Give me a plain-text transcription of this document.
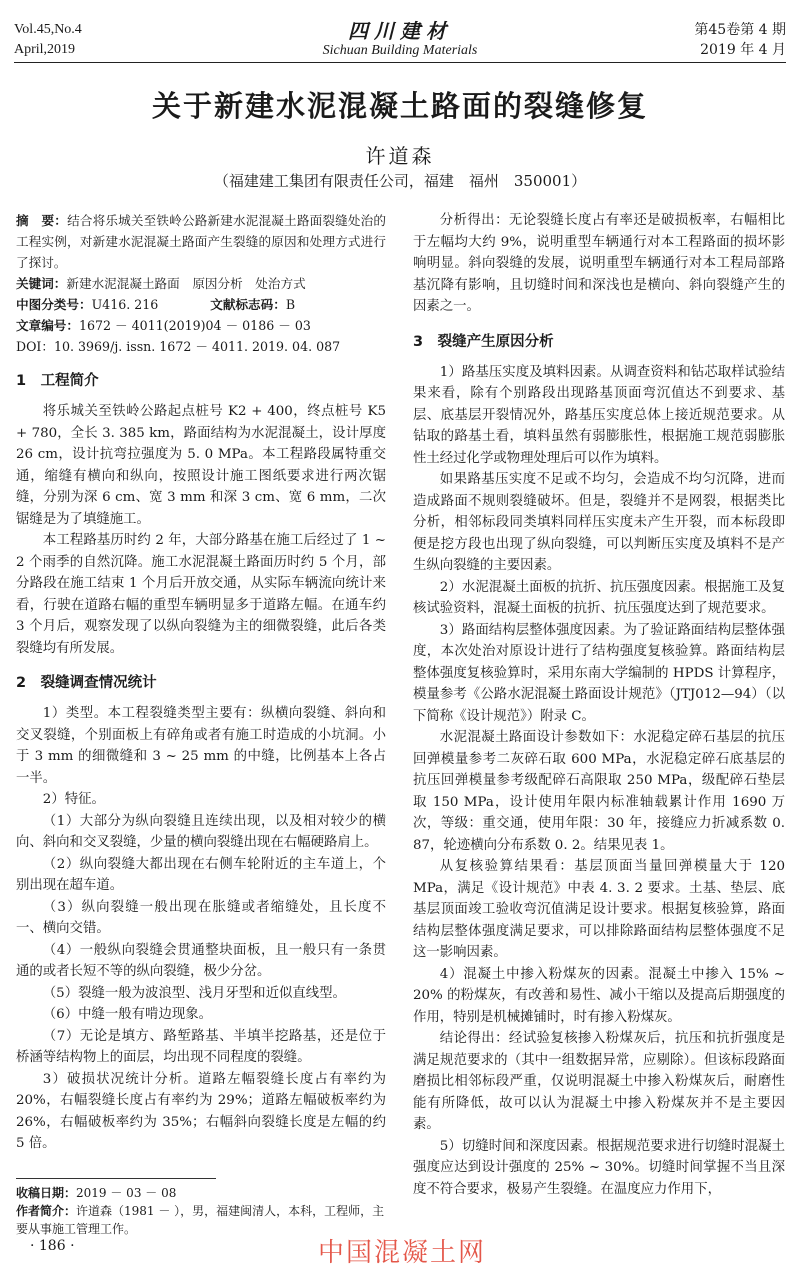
Vol.45,No.4
April,2019
四川建材
Sichuan Building Materials
第45卷第 4 期
2019 年 4 月
关于新建水泥混凝土路面的裂缝修复
许道森
（福建建工集团有限责任公司，福建　福州　350001）
摘　要：结合将乐城关至铁岭公路新建水泥混凝土路面裂缝处治的工程实例，对新建水泥混凝土路面产生裂缝的原因和处理方式进行了探讨。
关键词：新建水泥混凝土路面　原因分析　处治方式
中图分类号：U416. 216	文献标志码：B
文章编号：1672 － 4011(2019)04 － 0186 － 03
DOI：10. 3969/j. issn. 1672 － 4011. 2019. 04. 087
1　工程简介

将乐城关至铁岭公路起点桩号 K2 + 400，终点桩号 K5 + 780，全长 3. 385 km，路面结构为水泥混凝土，设计厚度 26 cm，设计抗弯拉强度为 5. 0 MPa。本工程路段属特重交通，缩缝有横向和纵向，按照设计施工图纸要求进行两次锯缝，分别为深 6 cm、宽 3 mm 和深 3 cm、宽 6 mm，二次锯缝是为了填缝施工。

本工程路基历时约 2 年，大部分路基在施工后经过了 1 ~ 2 个雨季的自然沉降。施工水泥混凝土路面历时约 5 个月，部分路段在施工结束 1 个月后开放交通，从实际车辆流向统计来看，行驶在道路右幅的重型车辆明显多于道路左幅。在通车约 3 个月后，观察发现了以纵向裂缝为主的细微裂缝，此后各类裂缝均有所发展。

2　裂缝调查情况统计

1）类型。本工程裂缝类型主要有：纵横向裂缝、斜向和交叉裂缝，个别面板上有碎角或者有施工时造成的小坑洞。小于 3 mm 的细微缝和 3 ~ 25 mm 的中缝，比例基本上各占一半。

2）特征。

（1）大部分为纵向裂缝且连续出现，以及相对较少的横向、斜向和交叉裂缝，少量的横向裂缝出现在右幅硬路肩上。

（2）纵向裂缝大都出现在右侧车轮附近的主车道上，个别出现在超车道。

（3）纵向裂缝一般出现在胀缝或者缩缝处，且长度不一、横向交错。

（4）一般纵向裂缝会贯通整块面板，且一般只有一条贯通的或者长短不等的纵向裂缝，极少分岔。

（5）裂缝一般为波浪型、浅月牙型和近似直线型。

（6）中缝一般有啃边现象。

（7）无论是填方、路堑路基、半填半挖路基，还是位于桥涵等结构物上的面层，均出现不同程度的裂缝。

3）破损状况统计分析。道路左幅裂缝长度占有率约为 20%，右幅裂缝长度占有率约为 29%；道路左幅破板率约为 26%，右幅破板率约为 35%；右幅斜向裂缝长度是左幅的约 5 倍。

分析得出：无论裂缝长度占有率还是破损板率，右幅相比于左幅均大约 9%，说明重型车辆通行对本工程路面的损坏影响明显。斜向裂缝的发展，说明重型车辆通行对本工程局部路基沉降有影响，且切缝时间和深浅也是横向、斜向裂缝产生的因素之一。

3　裂缝产生原因分析

1）路基压实度及填料因素。从调查资料和钻芯取样试验结果来看，除有个别路段出现路基顶面弯沉值达不到要求、基层、底基层开裂情况外，路基压实度总体上接近规范要求。从钻取的路基土看，填料虽然有弱膨胀性，根据施工规范弱膨胀性土经过化学或物理处理后可以作为填料。

如果路基压实度不足或不均匀，会造成不均匀沉降，进而造成路面不规则裂缝破坏。但是，裂缝并不是网裂，根据类比分析，相邻标段同类填料同样压实度未产生开裂，而本标段即便是挖方段也出现了纵向裂缝，可以判断压实度及填料不是产生纵向裂缝的主要因素。

2）水泥混凝土面板的抗折、抗压强度因素。根据施工及复核试验资料，混凝土面板的抗折、抗压强度达到了规范要求。

3）路面结构层整体强度因素。为了验证路面结构层整体强度，本次处治对原设计进行了结构强度复核验算。路面结构层整体强度复核验算时，采用东南大学编制的 HPDS 计算程序，模量参考《公路水泥混凝土路面设计规范》（JTJ012—94）（以下简称《设计规范》）附录 C。

水泥混凝土路面设计参数如下：水泥稳定碎石基层的抗压回弹模量参考二灰碎石取 600 MPa，水泥稳定碎石底基层的抗压回弹模量参考级配碎石高限取 250 MPa，级配碎石垫层取 150 MPa，设计使用年限内标准轴载累计作用 1690 万次，等级：重交通，使用年限：30 年，接缝应力折减系数 0. 87，轮迹横向分布系数 0. 2。结果见表 1。

从复核验算结果看：基层顶面当量回弹模量大于 120 MPa，满足《设计规范》中表 4. 3. 2 要求。土基、垫层、底基层顶面竣工验收弯沉值满足设计要求。根据复核验算，路面结构层整体强度满足要求，可以排除路面结构层整体强度不足这一影响因素。

4）混凝土中掺入粉煤灰的因素。混凝土中掺入 15% ~ 20% 的粉煤灰，有改善和易性、减小干缩以及提高后期强度的作用，特别是机械摊铺时，时有掺入粉煤灰。

结论得出：经试验复核掺入粉煤灰后，抗压和抗折强度是满足规范要求的（其中一组数据异常，应剔除）。但该标段路面磨损比相邻标段严重，仅说明混凝土中掺入粉煤灰后，耐磨性能有所降低，故可以认为混凝土中掺入粉煤灰并不是主要因素。

5）切缝时间和深度因素。根据规范要求进行切缝时混凝土强度应达到设计强度的 25% ~ 30%。切缝时间掌握不当且深度不符合要求，极易产生裂缝。在温度应力作用下，

收稿日期：2019 － 03 － 08
作者简介：许道森（1981 － ），男，福建闽清人，本科，工程师，主要从事施工管理工作。
· 186 ·	中国混凝土网
